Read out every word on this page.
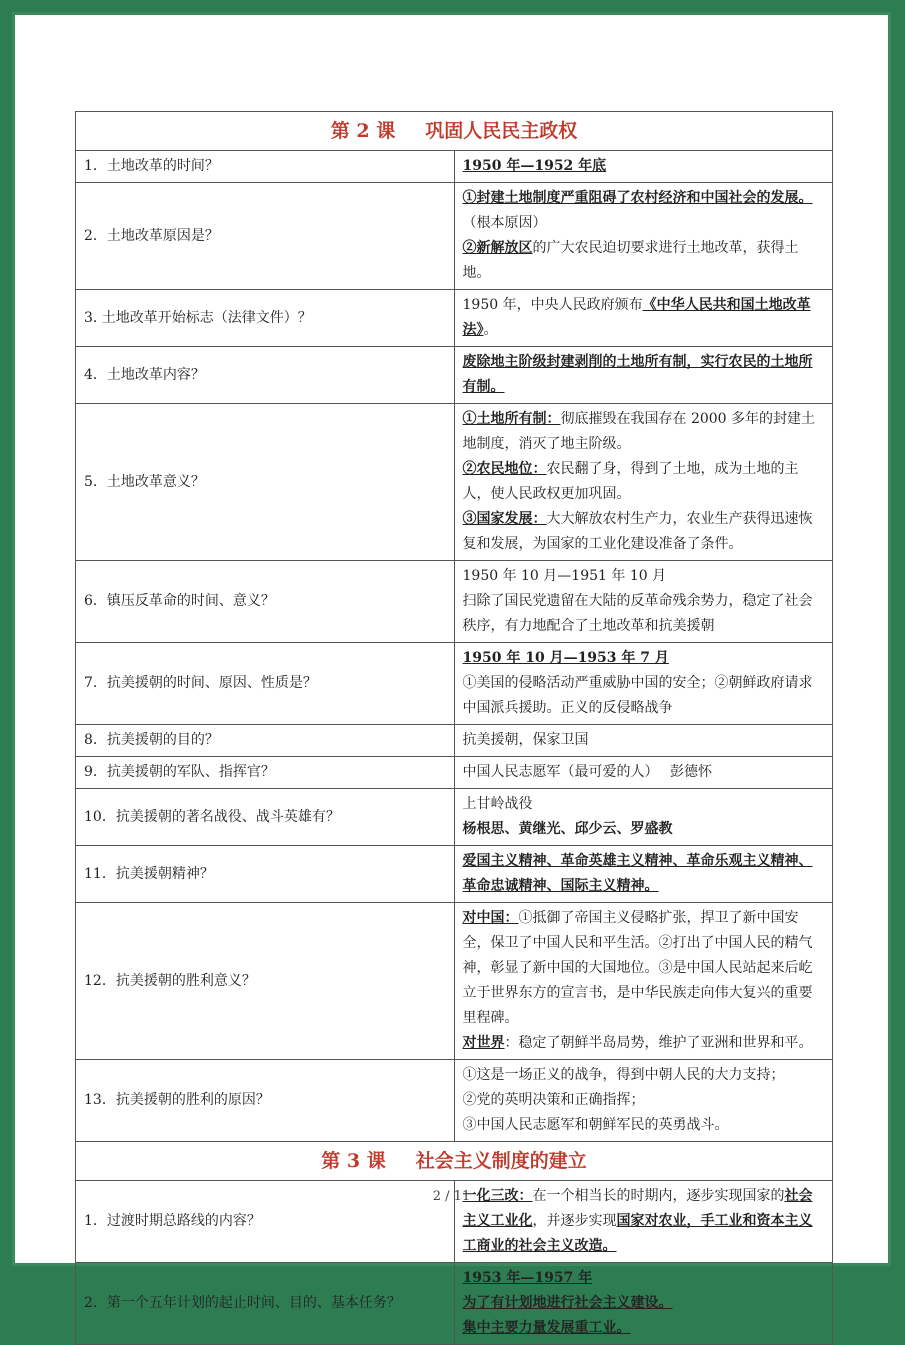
第 2 课 巩固人民民主政权	
1．土地改革的时间？	1950 年—1952 年底
2．土地改革原因是？	①封建土地制度严重阻碍了农村经济和中国社会的发展。（根本原因）
②新解放区的广大农民迫切要求进行土地改革，获得土地。
3. 土地改革开始标志（法律文件）？	1950 年，中央人民政府颁布《中华人民共和国土地改革法》。
4．土地改革内容？	废除地主阶级封建剥削的土地所有制，实行农民的土地所有制。
5．土地改革意义？	①土地所有制：彻底摧毁在我国存在 2000 多年的封建土地制度，消灭了地主阶级。
②农民地位：农民翻了身，得到了土地，成为土地的主人，使人民政权更加巩固。
③国家发展：大大解放农村生产力，农业生产获得迅速恢复和发展，为国家的工业化建设准备了条件。
6．镇压反革命的时间、意义？	1950 年 10 月—1951 年 10 月
扫除了国民党遗留在大陆的反革命残余势力，稳定了社会秩序，有力地配合了土地改革和抗美援朝
7．抗美援朝的时间、原因、性质是？	1950 年 10 月—1953 年 7 月
①美国的侵略活动严重威胁中国的安全；②朝鲜政府请求中国派兵援助。正义的反侵略战争
8．抗美援朝的目的？	抗美援朝，保家卫国
9．抗美援朝的军队、指挥官？	中国人民志愿军（最可爱的人）　 彭德怀
10．抗美援朝的著名战役、战斗英雄有？	上甘岭战役
杨根思、黄继光、邱少云、罗盛教
11．抗美援朝精神？	爱国主义精神、革命英雄主义精神、革命乐观主义精神、革命忠诚精神、国际主义精神。
12．抗美援朝的胜利意义？	对中国：①抵御了帝国主义侵略扩张，捍卫了新中国安全，保卫了中国人民和平生活。②打出了中国人民的精气神，彰显了新中国的大国地位。③是中国人民站起来后屹立于世界东方的宣言书，是中华民族走向伟大复兴的重要里程碑。
对世界：稳定了朝鲜半岛局势，维护了亚洲和世界和平。
13．抗美援朝的胜利的原因？	①这是一场正义的战争，得到中朝人民的大力支持；
②党的英明决策和正确指挥；
③中国人民志愿军和朝鲜军民的英勇战斗。
第 3 课 社会主义制度的建立	
1．过渡时期总路线的内容？	一化三改：在一个相当长的时期内，逐步实现国家的社会主义工业化，并逐步实现国家对农业，手工业和资本主义工商业的社会主义改造。
2．第一个五年计划的起止时间、目的、基本任务？	1953 年—1957 年
为了有计划地进行社会主义建设。
集中主要力量发展重工业。
2 / 11
